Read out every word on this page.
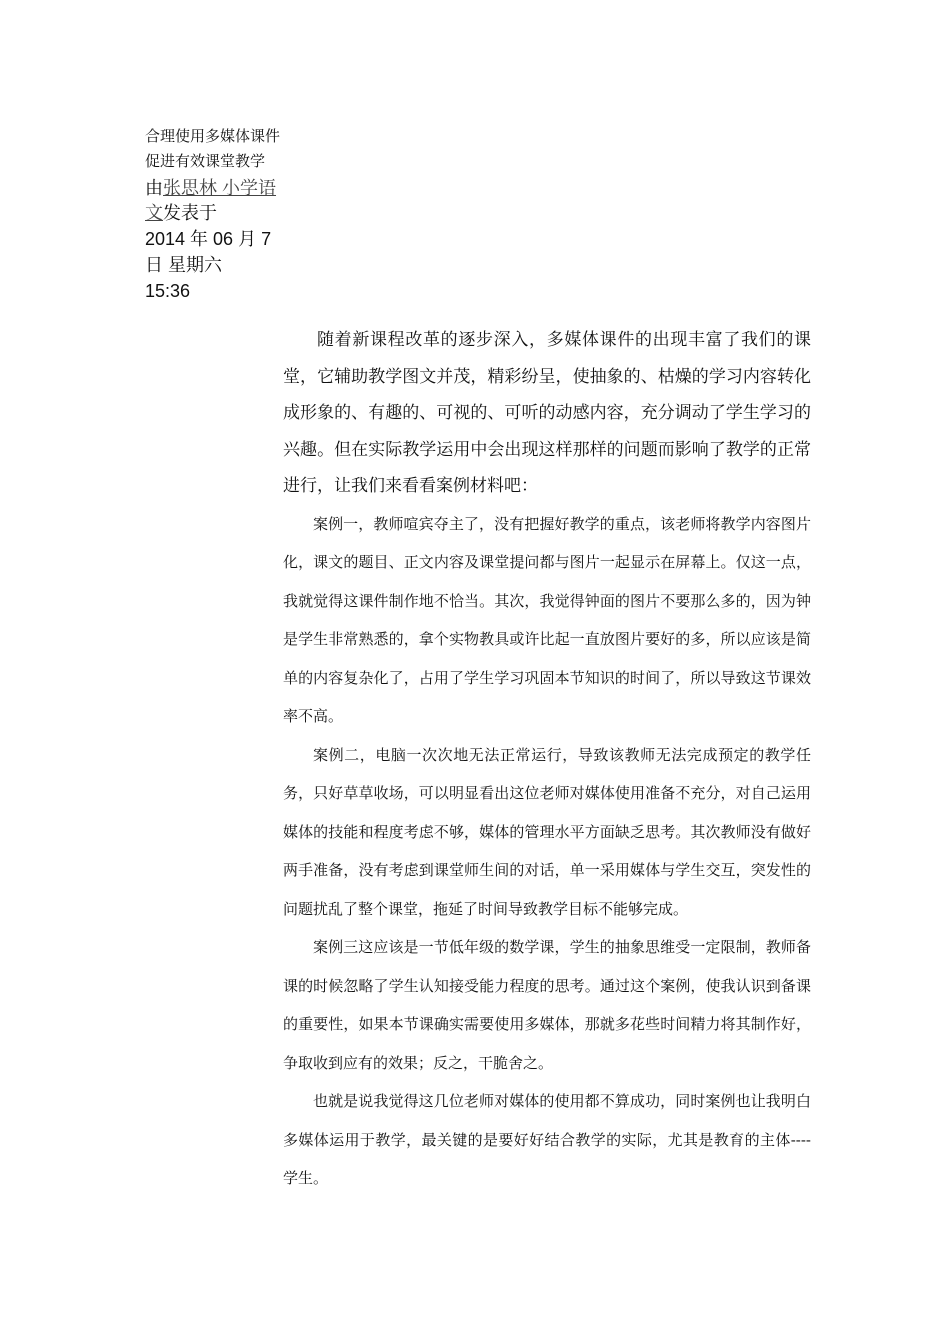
合理使用多媒体课件 促进有效课堂教学
由张思林 小学语文发表于
2014 年 06 月 7 日 星期六
15:36

随着新课程改革的逐步深入，多媒体课件的出现丰富了我们的课堂，它辅助教学图文并茂，精彩纷呈，使抽象的、枯燥的学习内容转化成形象的、有趣的、可视的、可听的动感内容，充分调动了学生学习的兴趣。但在实际教学运用中会出现这样那样的问题而影响了教学的正常进行，让我们来看看案例材料吧：

案例一，教师喧宾夺主了，没有把握好教学的重点，该老师将教学内容图片化，课文的题目、正文内容及课堂提问都与图片一起显示在屏幕上。仅这一点，我就觉得这课件制作地不恰当。其次，我觉得钟面的图片不要那么多的，因为钟是学生非常熟悉的，拿个实物教具或许比起一直放图片要好的多，所以应该是简单的内容复杂化了，占用了学生学习巩固本节知识的时间了，所以导致这节课效率不高。

案例二，电脑一次次地无法正常运行，导致该教师无法完成预定的教学任务，只好草草收场，可以明显看出这位老师对媒体使用准备不充分，对自己运用媒体的技能和程度考虑不够，媒体的管理水平方面缺乏思考。其次教师没有做好两手准备，没有考虑到课堂师生间的对话，单一采用媒体与学生交互，突发性的问题扰乱了整个课堂，拖延了时间导致教学目标不能够完成。

案例三这应该是一节低年级的数学课，学生的抽象思维受一定限制，教师备课的时候忽略了学生认知接受能力程度的思考。通过这个案例，使我认识到备课的重要性，如果本节课确实需要使用多媒体，那就多花些时间精力将其制作好，争取收到应有的效果；反之，干脆舍之。

也就是说我觉得这几位老师对媒体的使用都不算成功，同时案例也让我明白多媒体运用于教学，最关键的是要好好结合教学的实际，尤其是教育的主体----学生。
